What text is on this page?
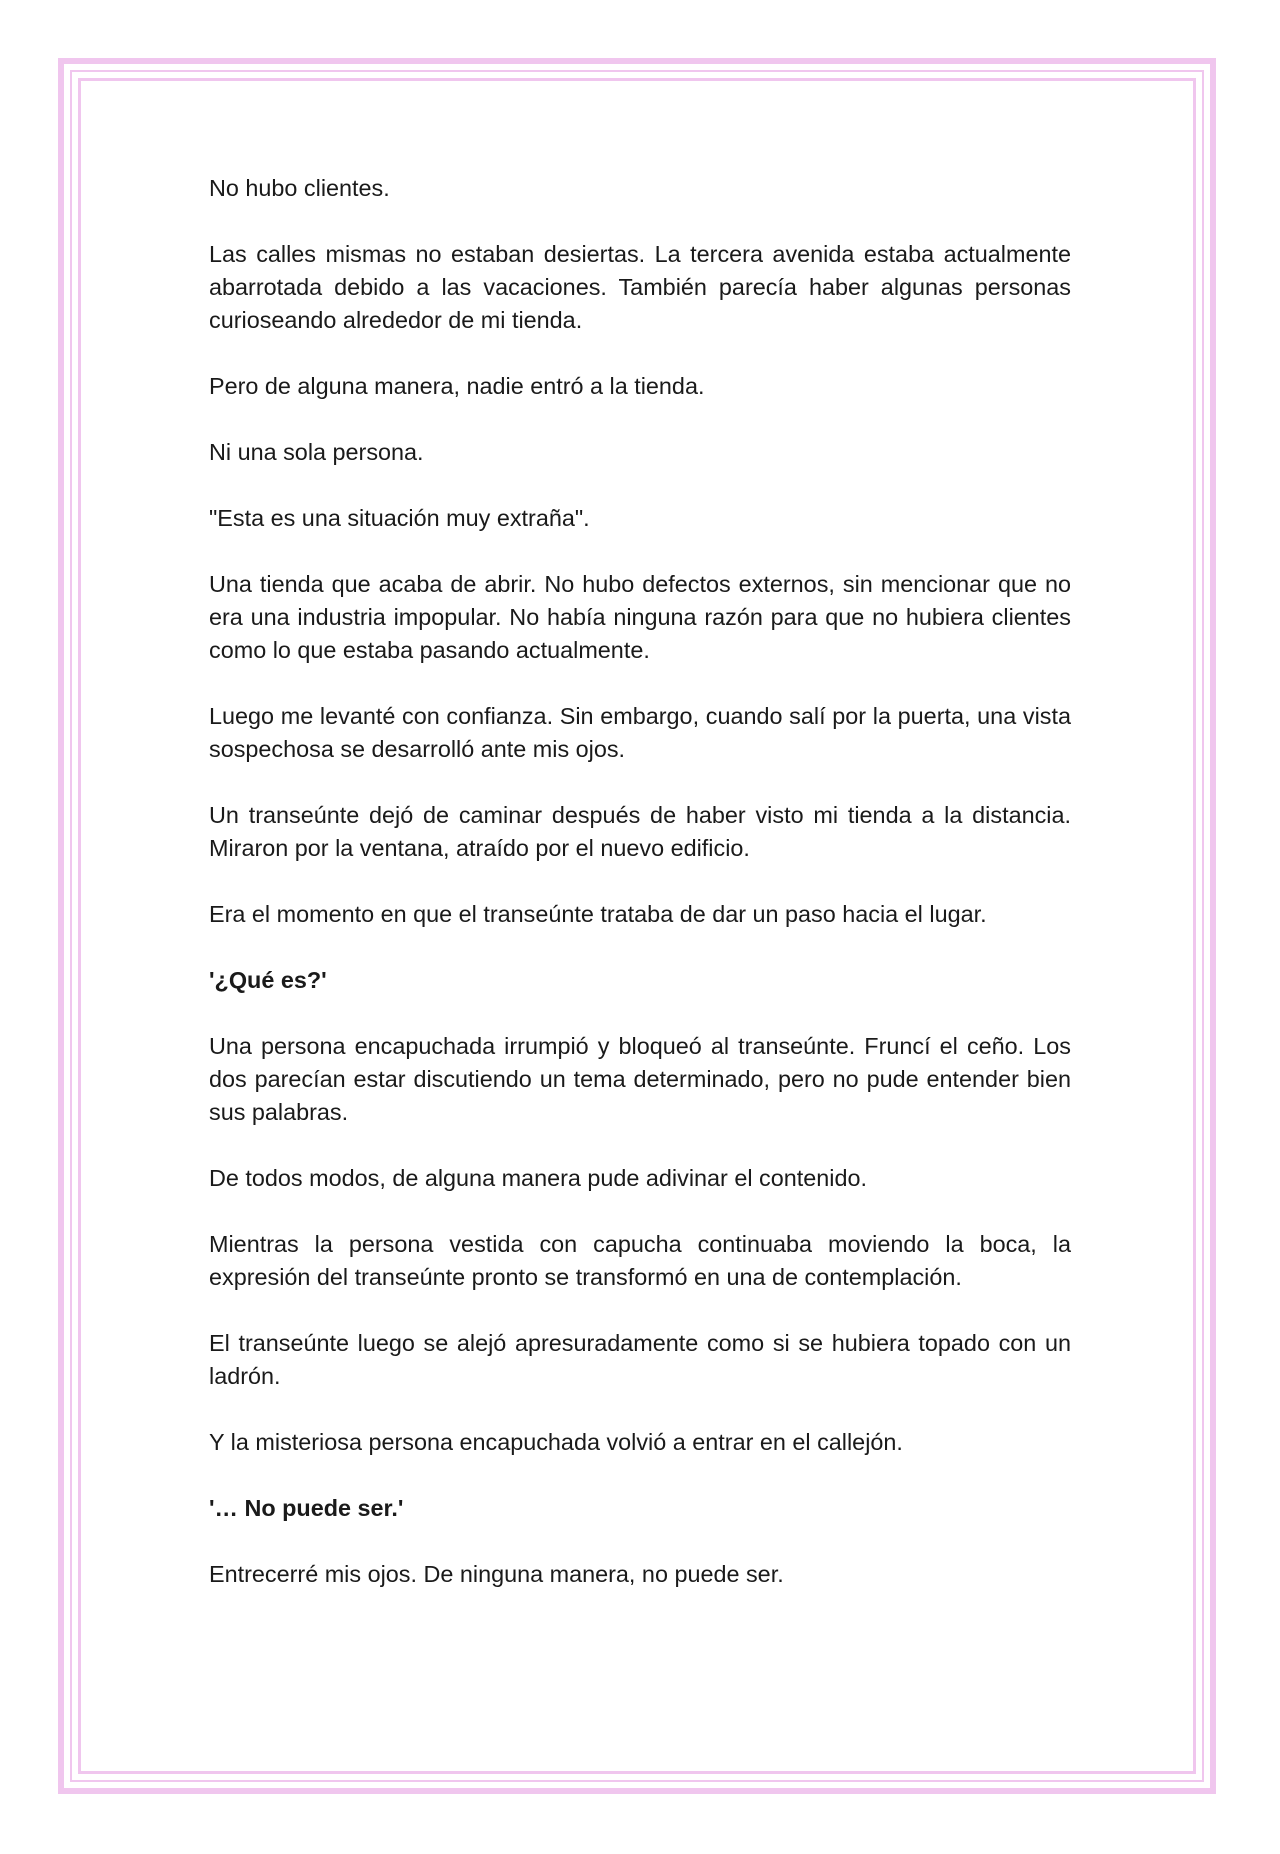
No hubo clientes.

Las calles mismas no estaban desiertas. La tercera avenida estaba actualmente abarrotada debido a las vacaciones. También parecía haber algunas personas curioseando alrededor de mi tienda.

Pero de alguna manera, nadie entró a la tienda.

Ni una sola persona.

"Esta es una situación muy extraña".

Una tienda que acaba de abrir. No hubo defectos externos, sin mencionar que no era una industria impopular. No había ninguna razón para que no hubiera clientes como lo que estaba pasando actualmente.

Luego me levanté con confianza. Sin embargo, cuando salí por la puerta, una vista sospechosa se desarrolló ante mis ojos.

Un transeúnte dejó de caminar después de haber visto mi tienda a la distancia. Miraron por la ventana, atraído por el nuevo edificio.

Era el momento en que el transeúnte trataba de dar un paso hacia el lugar.

'¿Qué es?'

Una persona encapuchada irrumpió y bloqueó al transeúnte. Fruncí el ceño. Los dos parecían estar discutiendo un tema determinado, pero no pude entender bien sus palabras.

De todos modos, de alguna manera pude adivinar el contenido.

Mientras la persona vestida con capucha continuaba moviendo la boca, la expresión del transeúnte pronto se transformó en una de contemplación.

El transeúnte luego se alejó apresuradamente como si se hubiera topado con un ladrón.

Y la misteriosa persona encapuchada volvió a entrar en el callejón.

'… No puede ser.'

Entrecerré mis ojos. De ninguna manera, no puede ser.
